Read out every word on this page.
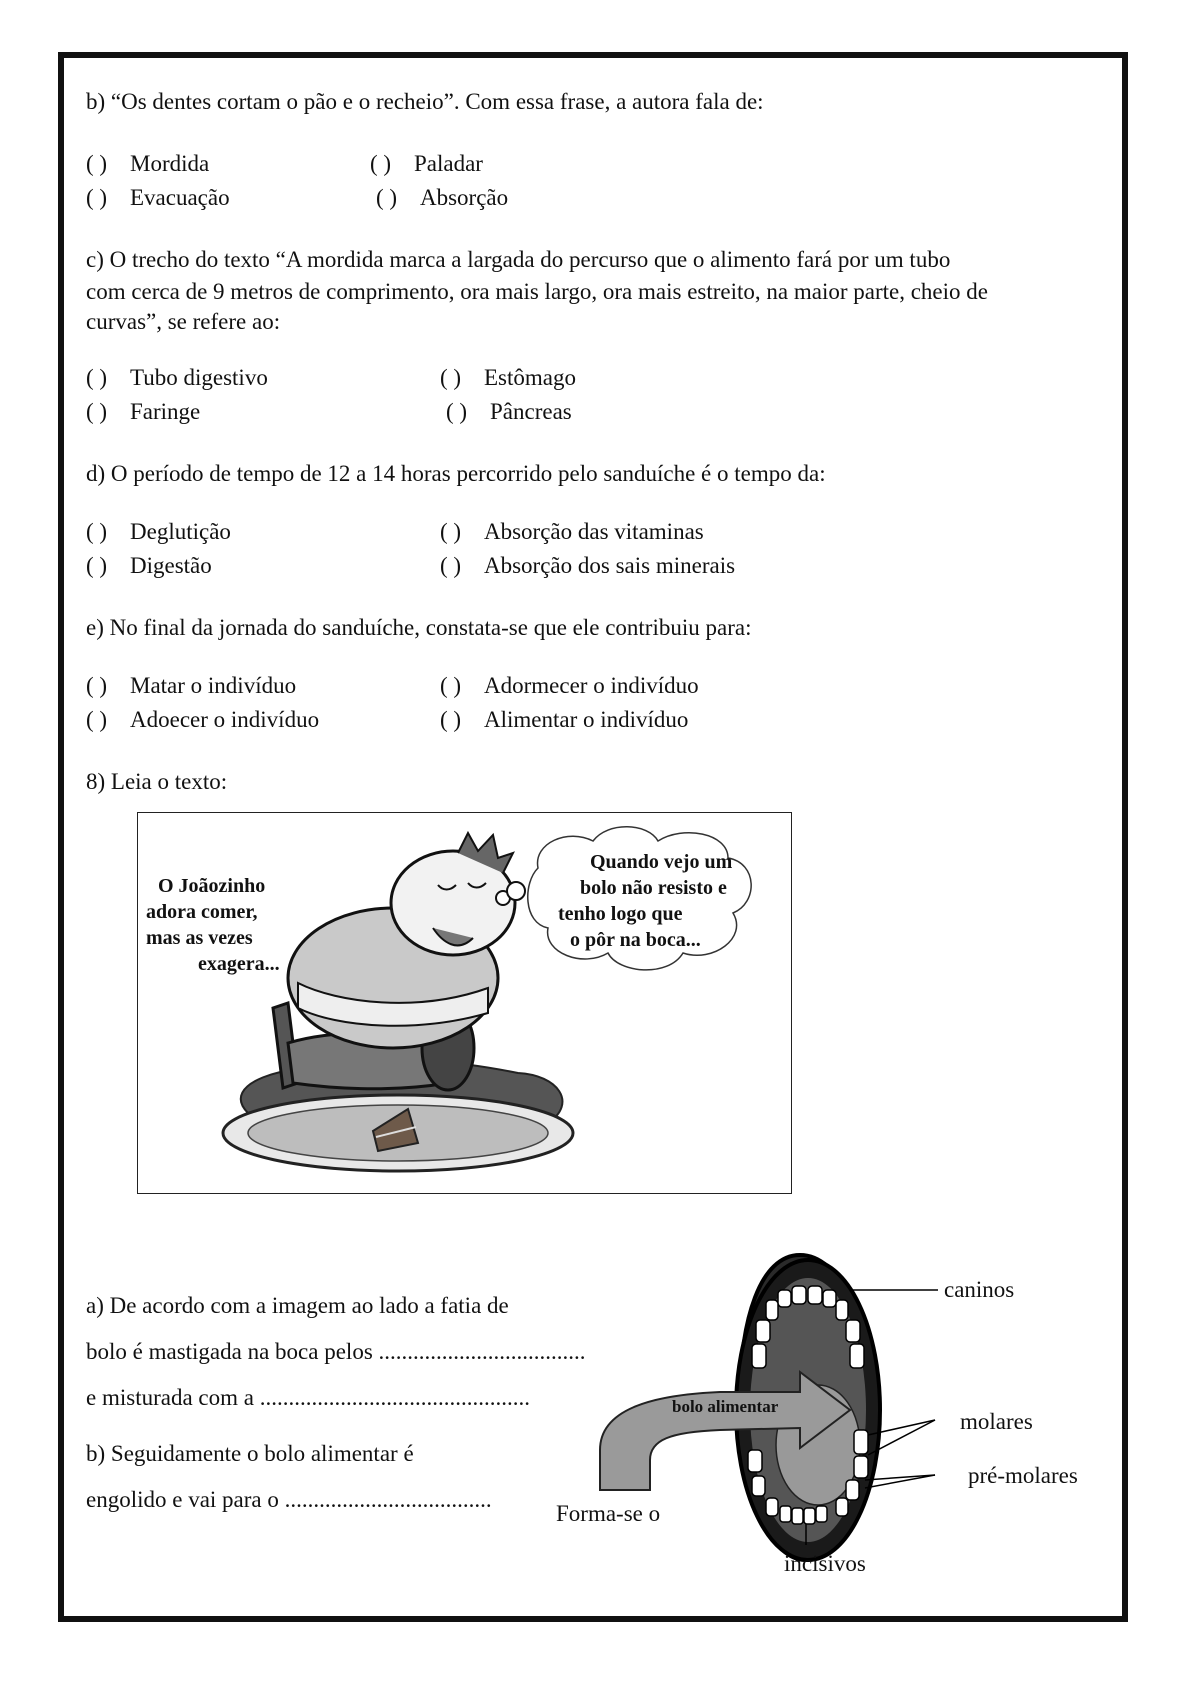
b) “Os dentes cortam o pão e o recheio”. Com essa frase, a autora fala de:
( ) Mordida	( ) Paladar
( ) Evacuação	( ) Absorção
c) O trecho do texto “A mordida marca a largada do percurso que o alimento fará por um tubo
com cerca de 9 metros de comprimento, ora mais largo, ora mais estreito, na maior parte, cheio de
curvas”, se refere ao:
( ) Tubo digestivo	( ) Estômago
( ) Faringe	( ) Pâncreas
d) O período de tempo de 12 a 14 horas percorrido pelo sanduíche é o tempo da:
( ) Deglutição	( ) Absorção das vitaminas
( ) Digestão	( ) Absorção dos sais minerais
e) No final da jornada do sanduíche, constata-se que ele contribuiu para:
( ) Matar o indivíduo	( ) Adormecer o indivíduo
( ) Adoecer o indivíduo	( ) Alimentar o indivíduo
8) Leia o texto:
O Joãozinho
adora comer,
mas as vezes
exagera...
Quando vejo um
bolo não resisto e
tenho logo que
o pôr na boca...
a) De acordo com a imagem ao lado a fatia de
bolo é mastigada na boca pelos ....................................
e misturada com a ...............................................
b) Seguidamente o bolo alimentar é
engolido e vai para o ....................................
bolo alimentar
Forma-se o
caninos
molares
pré-molares
incisivos
